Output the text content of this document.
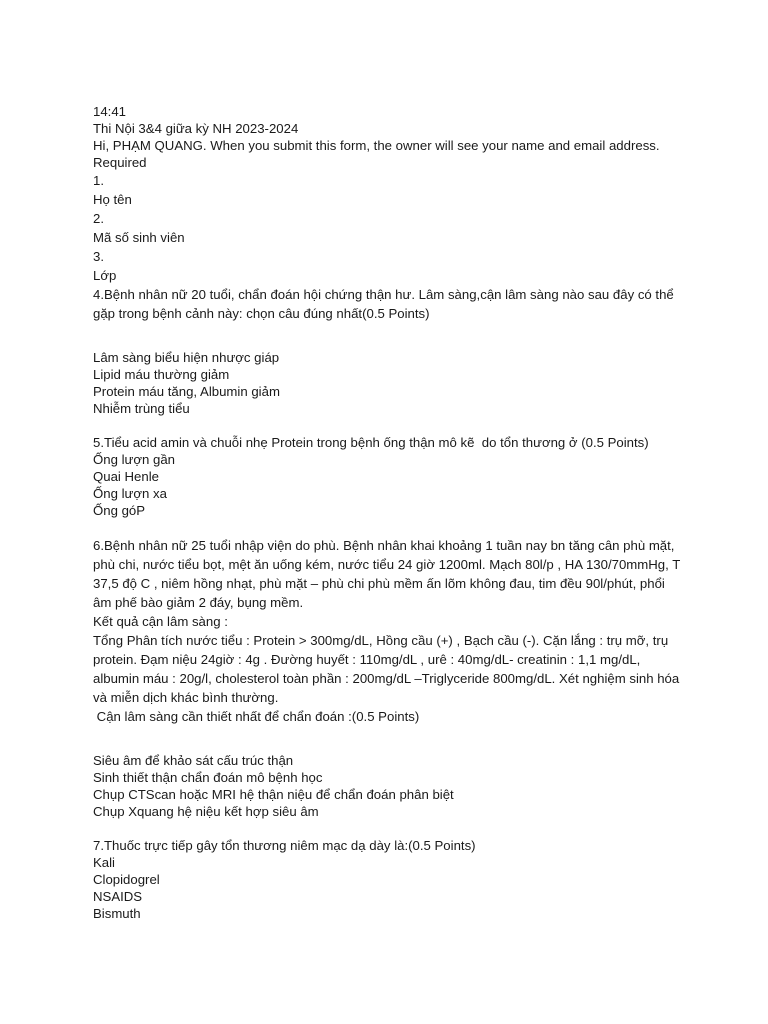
14:41
Thi Nội 3&4 giữa kỳ NH 2023-2024
Hi, PHẠM QUANG. When you submit this form, the owner will see your name and email address.
Required
1.
Họ tên
2.
Mã số sinh viên
3.
Lớp
4.Bệnh nhân nữ 20 tuổi, chẩn đoán hội chứng thận hư. Lâm sàng,cận lâm sàng nào sau đây có thể gặp trong bệnh cảnh này: chọn câu đúng nhất(0.5 Points)
Lâm sàng biểu hiện nhược giáp
Lipid máu thường giảm
Protein máu tăng, Albumin giảm
Nhiễm trùng tiểu
5.Tiểu acid amin và chuỗi nhẹ Protein trong bệnh ống thận mô kẽ  do tổn thương ở (0.5 Points)
Ống lượn gần
Quai Henle
Ống lượn xa
Ống góP
6.Bệnh nhân nữ 25 tuổi nhập viện do phù. Bệnh nhân khai khoảng 1 tuần nay bn tăng cân phù mặt, phù chi, nước tiểu bọt, mệt ăn uống kém, nước tiểu 24 giờ 1200ml. Mạch 80l/p , HA 130/70mmHg, T 37,5 độ C , niêm hồng nhạt, phù mặt – phù chi phù mềm ấn lõm không đau, tim đều 90l/phút, phổi âm phế bào giảm 2 đáy, bụng mềm.
Kết quả cận lâm sàng :
Tổng Phân tích nước tiểu : Protein > 300mg/dL, Hồng cầu (+) , Bạch cầu (-). Cặn lắng : trụ mỡ, trụ protein. Đạm niệu 24giờ : 4g . Đường huyết : 110mg/dL , urê : 40mg/dL- creatinin : 1,1 mg/dL, albumin máu : 20g/l, cholesterol toàn phần : 200mg/dL –Triglyceride 800mg/dL. Xét nghiệm sinh hóa và miễn dịch khác bình thường.
Cận lâm sàng cần thiết nhất để chẩn đoán :(0.5 Points)
Siêu âm để khảo sát cấu trúc thận
Sinh thiết thận chẩn đoán mô bệnh học
Chụp CTScan hoặc MRI hệ thận niệu để chẩn đoán phân biệt
Chụp Xquang hệ niệu kết hợp siêu âm
7.Thuốc trực tiếp gây tổn thương niêm mạc dạ dày là:(0.5 Points)
Kali
Clopidogrel
NSAIDS
Bismuth
